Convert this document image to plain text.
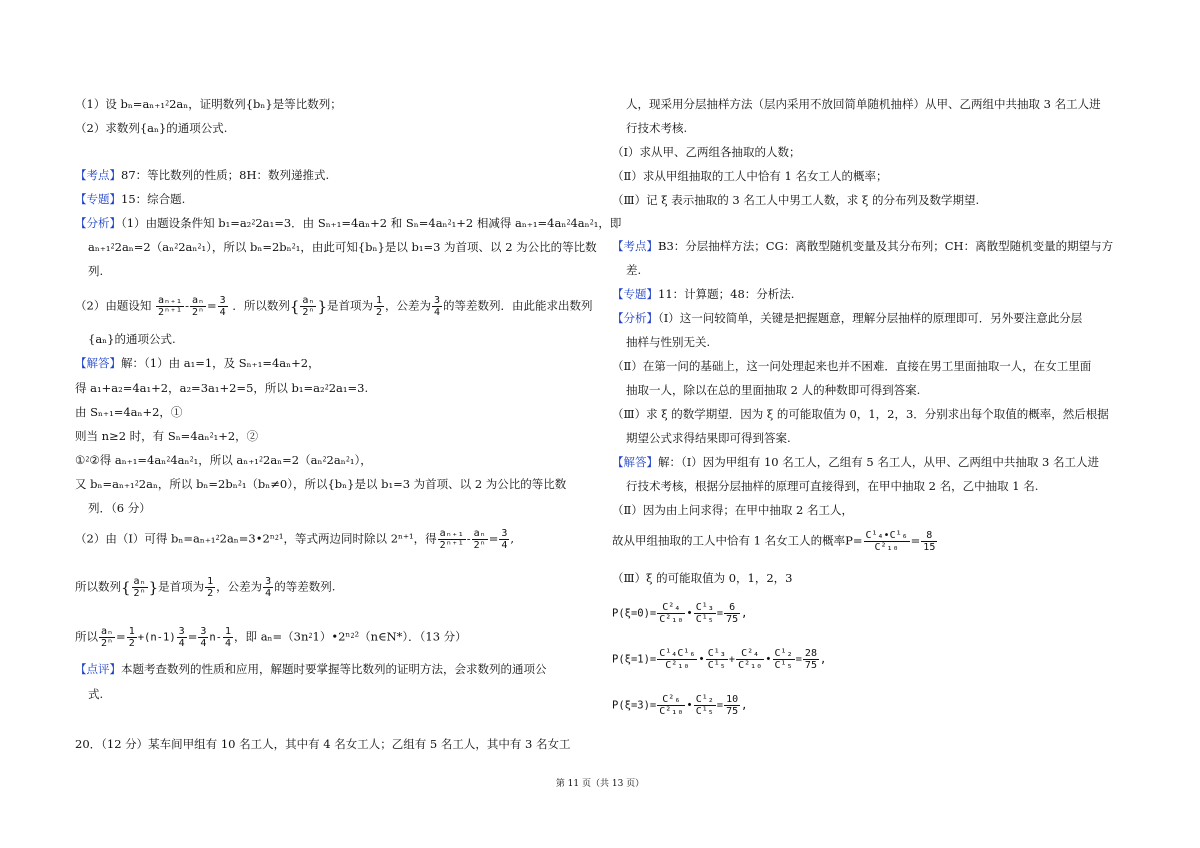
（1）设 bₙ=aₙ₊₁⁲2aₙ，证明数列{bₙ}是等比数列；
（2）求数列{aₙ}的通项公式.
【考点】87：等比数列的性质；8H：数列递推式.
【专题】15：综合题.
【分析】（1）由题设条件知 b₁=a₂⁲2a₁=3．由 Sₙ₊₁=4aₙ+2 和 Sₙ=4aₙ⁲₁+2 相减得 aₙ₊₁=4aₙ⁲4aₙ⁲₁，即
aₙ₊₁⁲2aₙ=2（aₙ⁲2aₙ⁲₁），所以 bₙ=2bₙ⁲₁，由此可知{bₙ}是以 b₁=3 为首项、以 2 为公比的等比数
列.
（2）由题设知 $\frac{\text{aₙ₊₁}}{\text{2ⁿ⁺¹}} - \frac{\text{aₙ}}{\text{2ⁿ}} = \frac{3}{4}$ ．所以数列{ $\frac{\text{aₙ}}{\text{2ⁿ}}$ }是首项为 $\frac{1}{2}$ ，公差为 $\frac{3}{4}$ 的等差数列．由此能求出数列
{aₙ}的通项公式.
【解答】解：（1）由 a₁=1，及 Sₙ₊₁=4aₙ+2，
得 a₁+a₂=4a₁+2，a₂=3a₁+2=5，所以 b₁=a₂⁲2a₁=3.
由 Sₙ₊₁=4aₙ+2，①
则当 n≥2 时，有 Sₙ=4aₙ⁲₁+2，②
①⁲②得 aₙ₊₁=4aₙ⁲4aₙ⁲₁，所以 aₙ₊₁⁲2aₙ=2（aₙ⁲2aₙ⁲₁），
又 bₙ=aₙ₊₁⁲2aₙ，所以 bₙ=2bₙ⁲₁（bₙ≠0），所以{bₙ}是以 b₁=3 为首项、以 2 为公比的等比数
列．（6 分）
（2）由（I）可得 bₙ=aₙ₊₁⁲2aₙ=3•2ⁿ⁲¹，等式两边同时除以 2ⁿ⁺¹，得 $\frac{\text{aₙ₊₁}}{\text{2ⁿ⁺¹}} - \frac{\text{aₙ}}{\text{2ⁿ}} = \frac{3}{4}$ ,
所以数列{ $\frac{\text{aₙ}}{\text{2ⁿ}}$ }是首项为 $\frac{1}{2}$ ，公差为 $\frac{3}{4}$ 的等差数列.
所以 $\frac{\text{aₙ}}{\text{2ⁿ}} = \frac{1}{2} +(n-1) \frac{3}{4} = \frac{3}{4} n- \frac{1}{4}$ ，即 aₙ=（3n⁲1）•2ⁿ⁲²（n∈N*）．（13 分）
【点评】本题考查数列的性质和应用，解题时要掌握等比数列的证明方法，会求数列的通项公
式.
20．（12 分）某车间甲组有 10 名工人，其中有 4 名女工人；乙组有 5 名工人，其中有 3 名女工
人，现采用分层抽样方法（层内采用不放回简单随机抽样）从甲、乙两组中共抽取 3 名工人进
行技术考核.
（Ⅰ）求从甲、乙两组各抽取的人数；
（Ⅱ）求从甲组抽取的工人中恰有 1 名女工人的概率；
（Ⅲ）记 ξ 表示抽取的 3 名工人中男工人数，求 ξ 的分布列及数学期望.
【考点】B3：分层抽样方法；CG：离散型随机变量及其分布列；CH：离散型随机变量的期望与方
差.
【专题】11：计算题；48：分析法.
【分析】（Ⅰ）这一问较简单，关键是把握题意，理解分层抽样的原理即可．另外要注意此分层
抽样与性别无关.
（Ⅱ）在第一问的基础上，这一问处理起来也并不困难．直接在男工里面抽取一人，在女工里面
抽取一人，除以在总的里面抽取 2 人的种数即可得到答案.
（Ⅲ）求 ξ 的数学期望．因为 ξ 的可能取值为 0，1，2，3．分别求出每个取值的概率，然后根据
期望公式求得结果即可得到答案.
【解答】解：（Ⅰ）因为甲组有 10 名工人，乙组有 5 名工人，从甲、乙两组中共抽取 3 名工人进
行技术考核，根据分层抽样的原理可直接得到，在甲中抽取 2 名，乙中抽取 1 名.
（Ⅱ）因为由上问求得；在甲中抽取 2 名工人，
故从甲组抽取的工人中恰有 1 名女工人的概率$P= \frac{\text{C¹₄•C¹₆}}{\text{C²₁₀}} = \frac{8}{15}$
（Ⅲ）ξ 的可能取值为 0，1，2，3
$P(\xi=0)= \frac{\text{C²₄}}{\text{C²₁₀}}$ • $\frac{\text{C¹₃}}{\text{C¹₅}} = \frac{6}{75}$ ,
$P(\xi=1)= \frac{\text{C¹₄C¹₆}}{\text{C²₁₀}}$ • $\frac{\text{C¹₃}}{\text{C¹₅}} + \frac{\text{C²₄}}{\text{C²₁₀}}$ • $\frac{\text{C¹₂}}{\text{C¹₅}} = \frac{28}{75}$ ,
$P(\xi=3)= \frac{\text{C²₆}}{\text{C²₁₀}}$ • $\frac{\text{C¹₂}}{\text{C¹₅}} = \frac{10}{75}$ ,
第 11 页（共 13 页）
